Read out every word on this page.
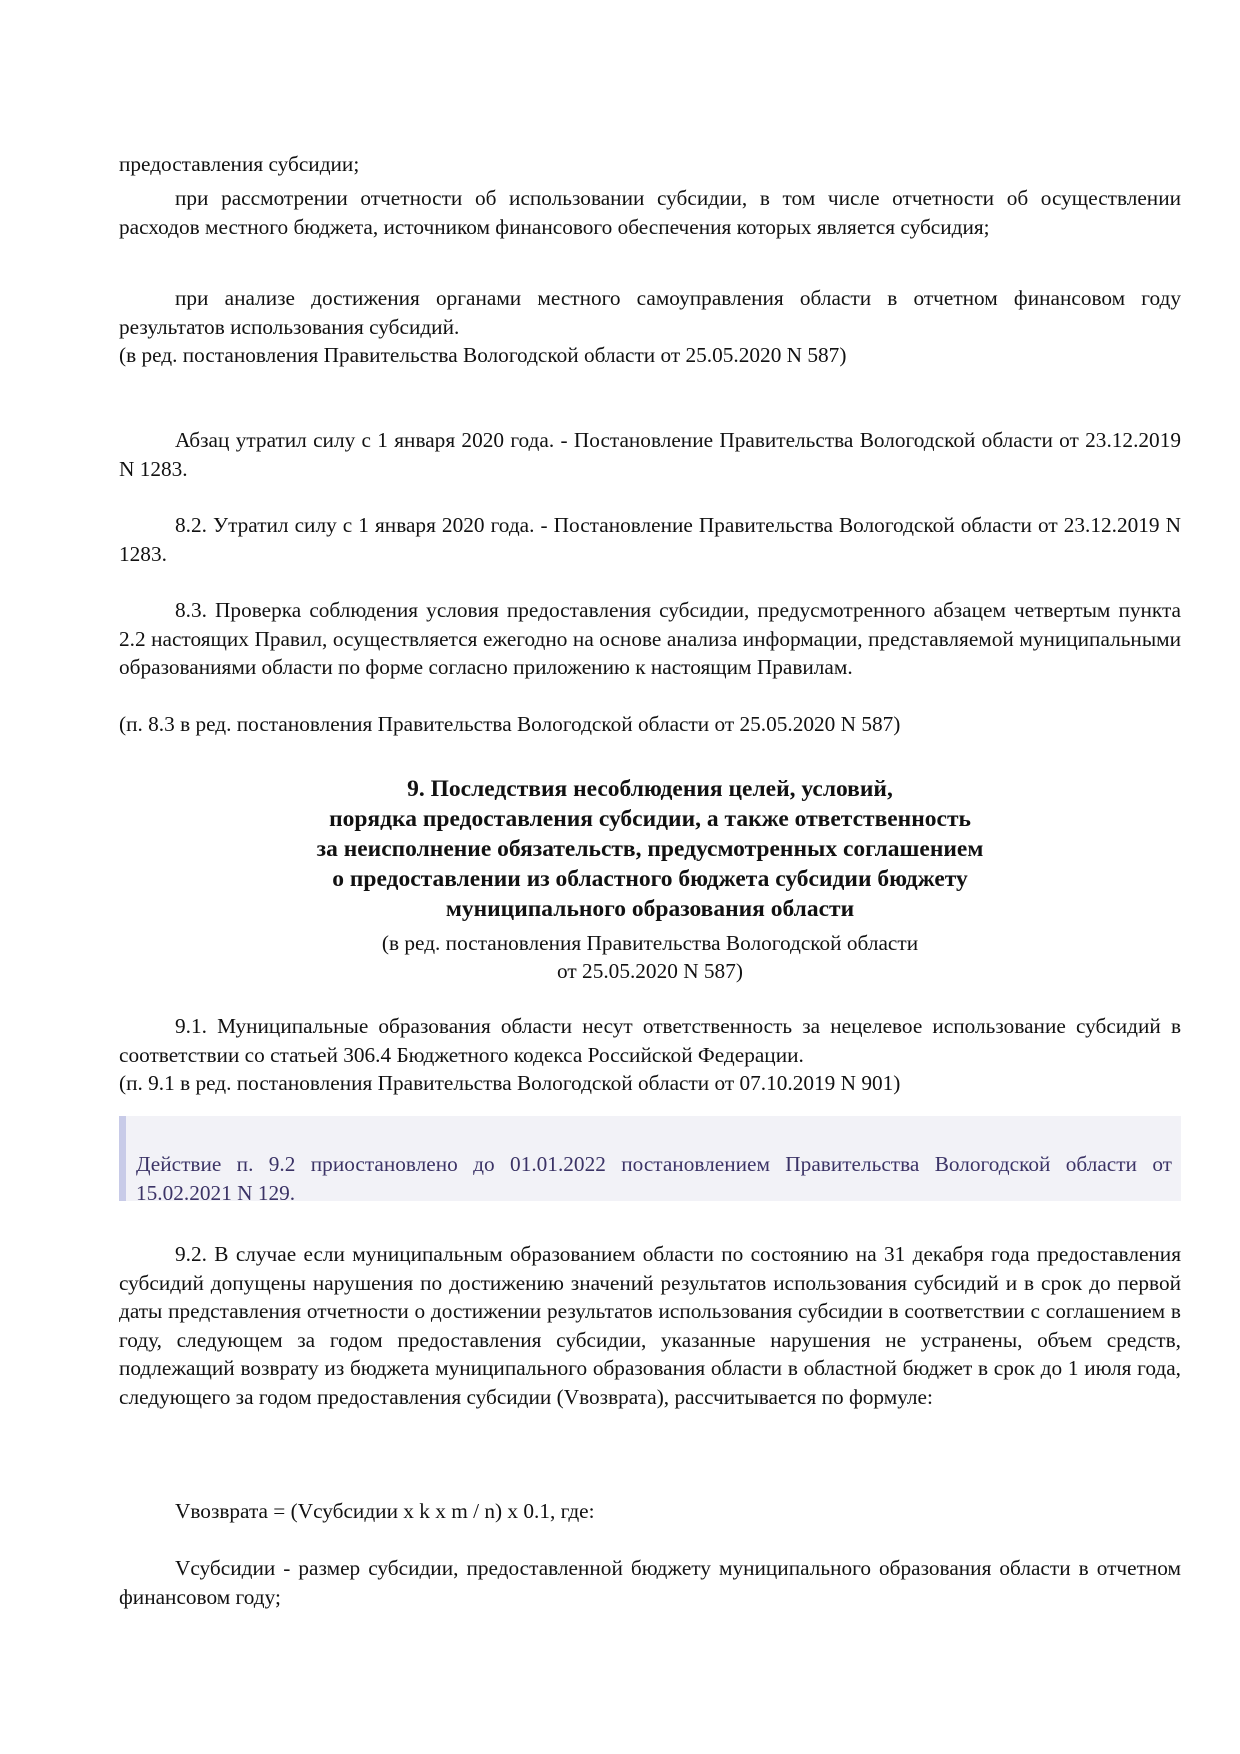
предоставления субсидии;

при рассмотрении отчетности об использовании субсидии, в том числе отчетности об осуществлении расходов местного бюджета, источником финансового обеспечения которых является субсидия;

при анализе достижения органами местного самоуправления области в отчетном финансовом году результатов использования субсидий.

(в ред. постановления Правительства Вологодской области от 25.05.2020 N 587)

Абзац утратил силу с 1 января 2020 года. - Постановление Правительства Вологодской области от 23.12.2019 N 1283.

8.2. Утратил силу с 1 января 2020 года. - Постановление Правительства Вологодской области от 23.12.2019 N 1283.

8.3. Проверка соблюдения условия предоставления субсидии, предусмотренного абзацем четвертым пункта 2.2 настоящих Правил, осуществляется ежегодно на основе анализа информации, представляемой муниципальными образованиями области по форме согласно приложению к настоящим Правилам.

(п. 8.3 в ред. постановления Правительства Вологодской области от 25.05.2020 N 587)

9. Последствия несоблюдения целей, условий,
порядка предоставления субсидии, а также ответственность
за неисполнение обязательств, предусмотренных соглашением
о предоставлении из областного бюджета субсидии бюджету
муниципального образования области
(в ред. постановления Правительства Вологодской области
от 25.05.2020 N 587)

9.1. Муниципальные образования области несут ответственность за нецелевое использование субсидий в соответствии со статьей 306.4 Бюджетного кодекса Российской Федерации.

(п. 9.1 в ред. постановления Правительства Вологодской области от 07.10.2019 N 901)

Действие п. 9.2 приостановлено до 01.01.2022 постановлением Правительства Вологодской области от 15.02.2021 N 129.

9.2. В случае если муниципальным образованием области по состоянию на 31 декабря года предоставления субсидий допущены нарушения по достижению значений результатов использования субсидий и в срок до первой даты представления отчетности о достижении результатов использования субсидии в соответствии с соглашением в году, следующем за годом предоставления субсидии, указанные нарушения не устранены, объем средств, подлежащий возврату из бюджета муниципального образования области в областной бюджет в срок до 1 июля года, следующего за годом предоставления субсидии (Vвозврата), рассчитывается по формуле:

Vвозврата = (Vсубсидии x k x m / n) x 0.1, где:

Vсубсидии - размер субсидии, предоставленной бюджету муниципального образования области в отчетном финансовом году;
